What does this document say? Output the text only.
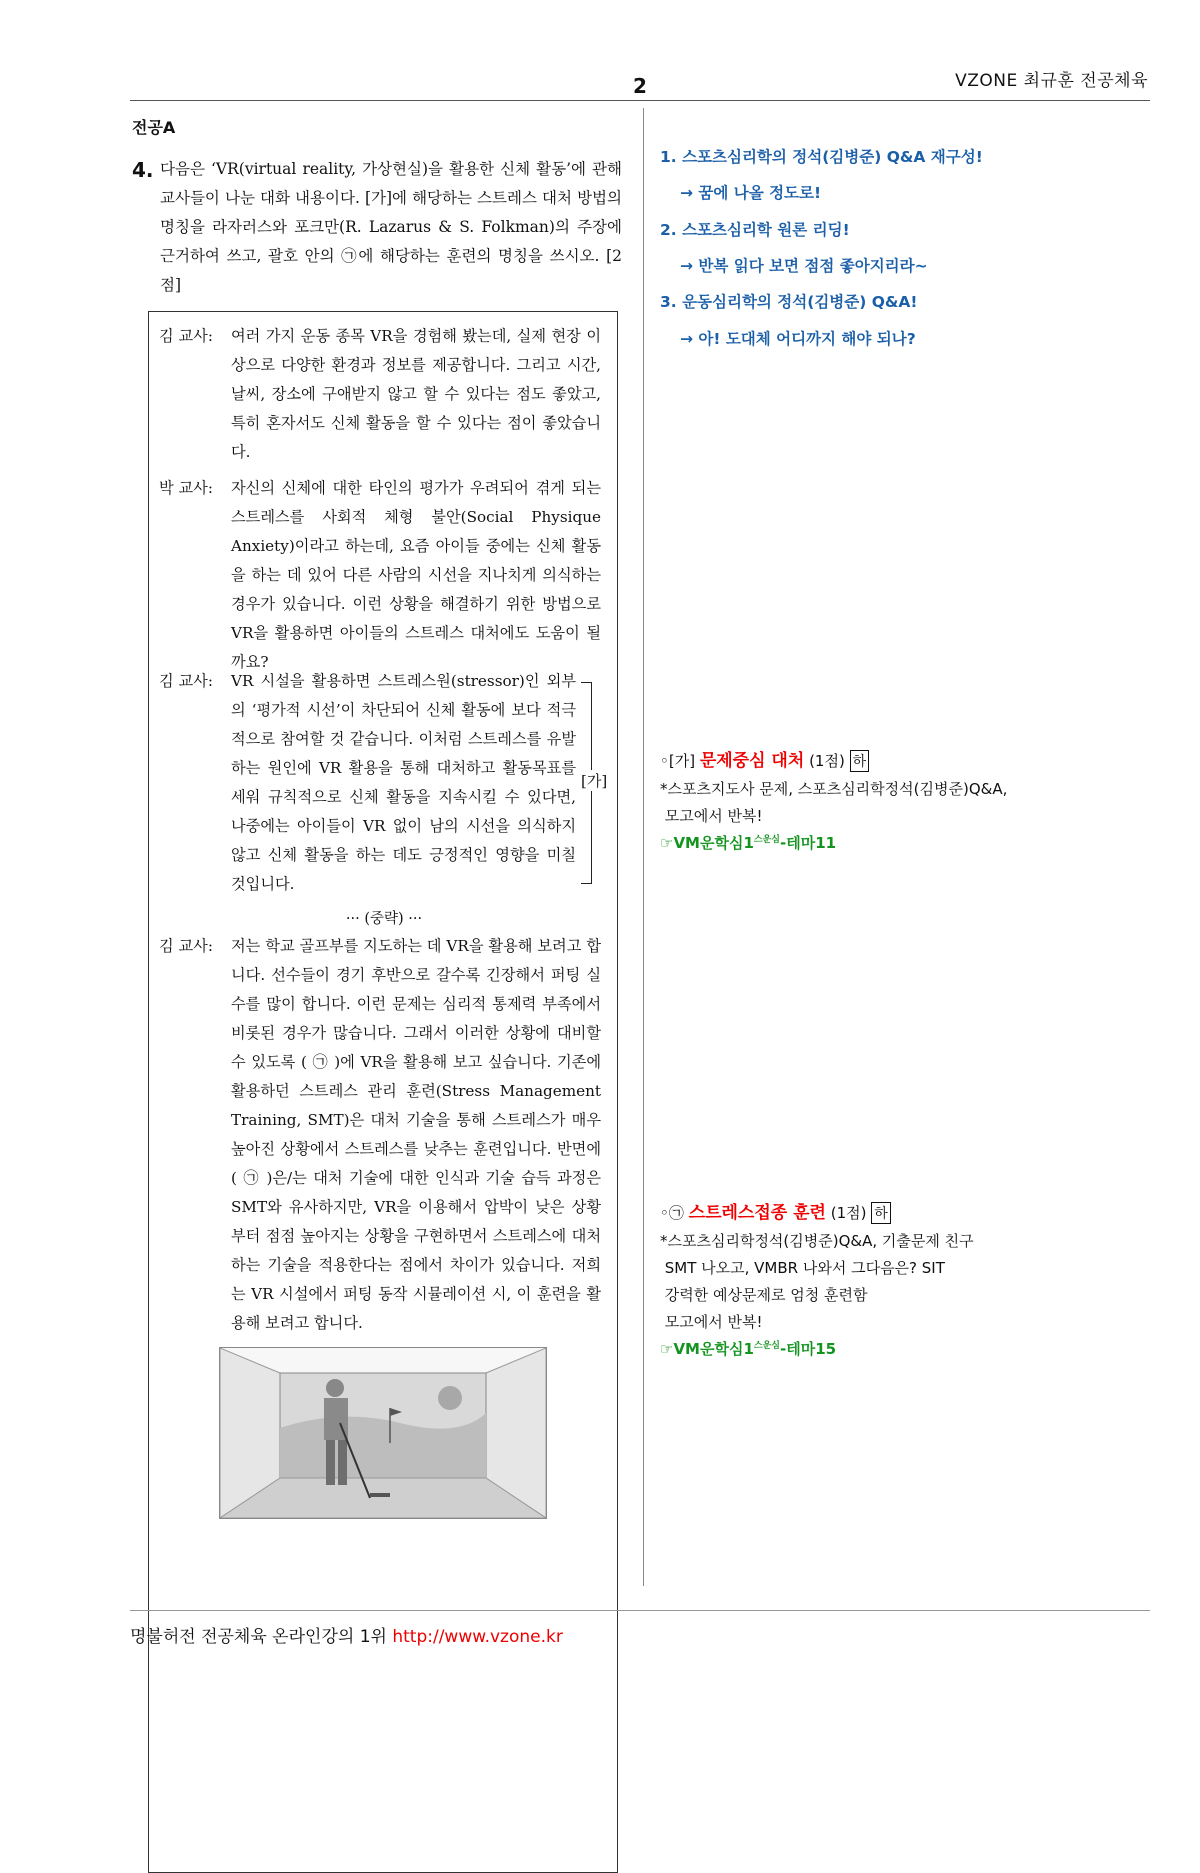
2	VZONE 최규훈 전공체육
전공A
4. 다음은 ‘VR(virtual reality, 가상현실)을 활용한 신체 활동’에 관해 교사들이 나눈 대화 내용이다. [가]에 해당하는 스트레스 대처 방법의 명칭을 라자러스와 포크만(R. Lazarus & S. Folkman)의 주장에 근거하여 쓰고, 괄호 안의 ㉠에 해당하는 훈련의 명칭을 쓰시오. [2점]
김 교사: 여러 가지 운동 종목 VR을 경험해 봤는데, 실제 현장 이상으로 다양한 환경과 정보를 제공합니다. 그리고 시간, 날씨, 장소에 구애받지 않고 할 수 있다는 점도 좋았고, 특히 혼자서도 신체 활동을 할 수 있다는 점이 좋았습니다.
박 교사: 자신의 신체에 대한 타인의 평가가 우려되어 겪게 되는 스트레스를 사회적 체형 불안(Social Physique Anxiety)이라고 하는데, 요즘 아이들 중에는 신체 활동을 하는 데 있어 다른 사람의 시선을 지나치게 의식하는 경우가 있습니다. 이런 상황을 해결하기 위한 방법으로 VR을 활용하면 아이들의 스트레스 대처에도 도움이 될까요?
김 교사: VR 시설을 활용하면 스트레스원(stressor)인 외부의 ‘평가적 시선’이 차단되어 신체 활동에 보다 적극적으로 참여할 것 같습니다. 이처럼 스트레스를 유발하는 원인에 VR 활용을 통해 대처하고 활동목표를 세워 규칙적으로 신체 활동을 지속시킬 수 있다면, 나중에는 아이들이 VR 없이 남의 시선을 의식하지 않고 신체 활동을 하는 데도 긍정적인 영향을 미칠 것입니다.
[가]
··· (중략) ···
김 교사: 저는 학교 골프부를 지도하는 데 VR을 활용해 보려고 합니다. 선수들이 경기 후반으로 갈수록 긴장해서 퍼팅 실수를 많이 합니다. 이런 문제는 심리적 통제력 부족에서 비롯된 경우가 많습니다. 그래서 이러한 상황에 대비할 수 있도록 ( ㉠ )에 VR을 활용해 보고 싶습니다. 기존에 활용하던 스트레스 관리 훈련(Stress Management Training, SMT)은 대처 기술을 통해 스트레스가 매우 높아진 상황에서 스트레스를 낮추는 훈련입니다. 반면에 ( ㉠ )은/는 대처 기술에 대한 인식과 기술 습득 과정은 SMT와 유사하지만, VR을 이용해서 압박이 낮은 상황부터 점점 높아지는 상황을 구현하면서 스트레스에 대처하는 기술을 적용한다는 점에서 차이가 있습니다. 저희는 VR 시설에서 퍼팅 동작 시뮬레이션 시, 이 훈련을 활용해 보려고 합니다.
1. 스포츠심리학의 정석(김병준) Q&A 재구성!
→ 꿈에 나올 정도로!
2. 스포츠심리학 원론 리딩!
→ 반복 읽다 보면 점점 좋아지리라~
3. 운동심리학의 정석(김병준) Q&A!
→ 아! 도대체 어디까지 해야 되나?
◦[가] 문제중심 대처 (1점) 하
*스포츠지도사 문제, 스포츠심리학정석(김병준)Q&A,
모고에서 반복!
☞VM운학심$1^{스운심}-$테마11
◦㉠ 스트레스접종 훈련 (1점) 하
*스포츠심리학정석(김병준)Q&A, 기출문제 친구
SMT 나오고, VMBR 나와서 그다음은? SIT
강력한 예상문제로 엄청 훈련함
모고에서 반복!
☞VM운학심$1^{스운심}-$테마15
명불허전 전공체육 온라인강의 1위 http://www.vzone.kr
